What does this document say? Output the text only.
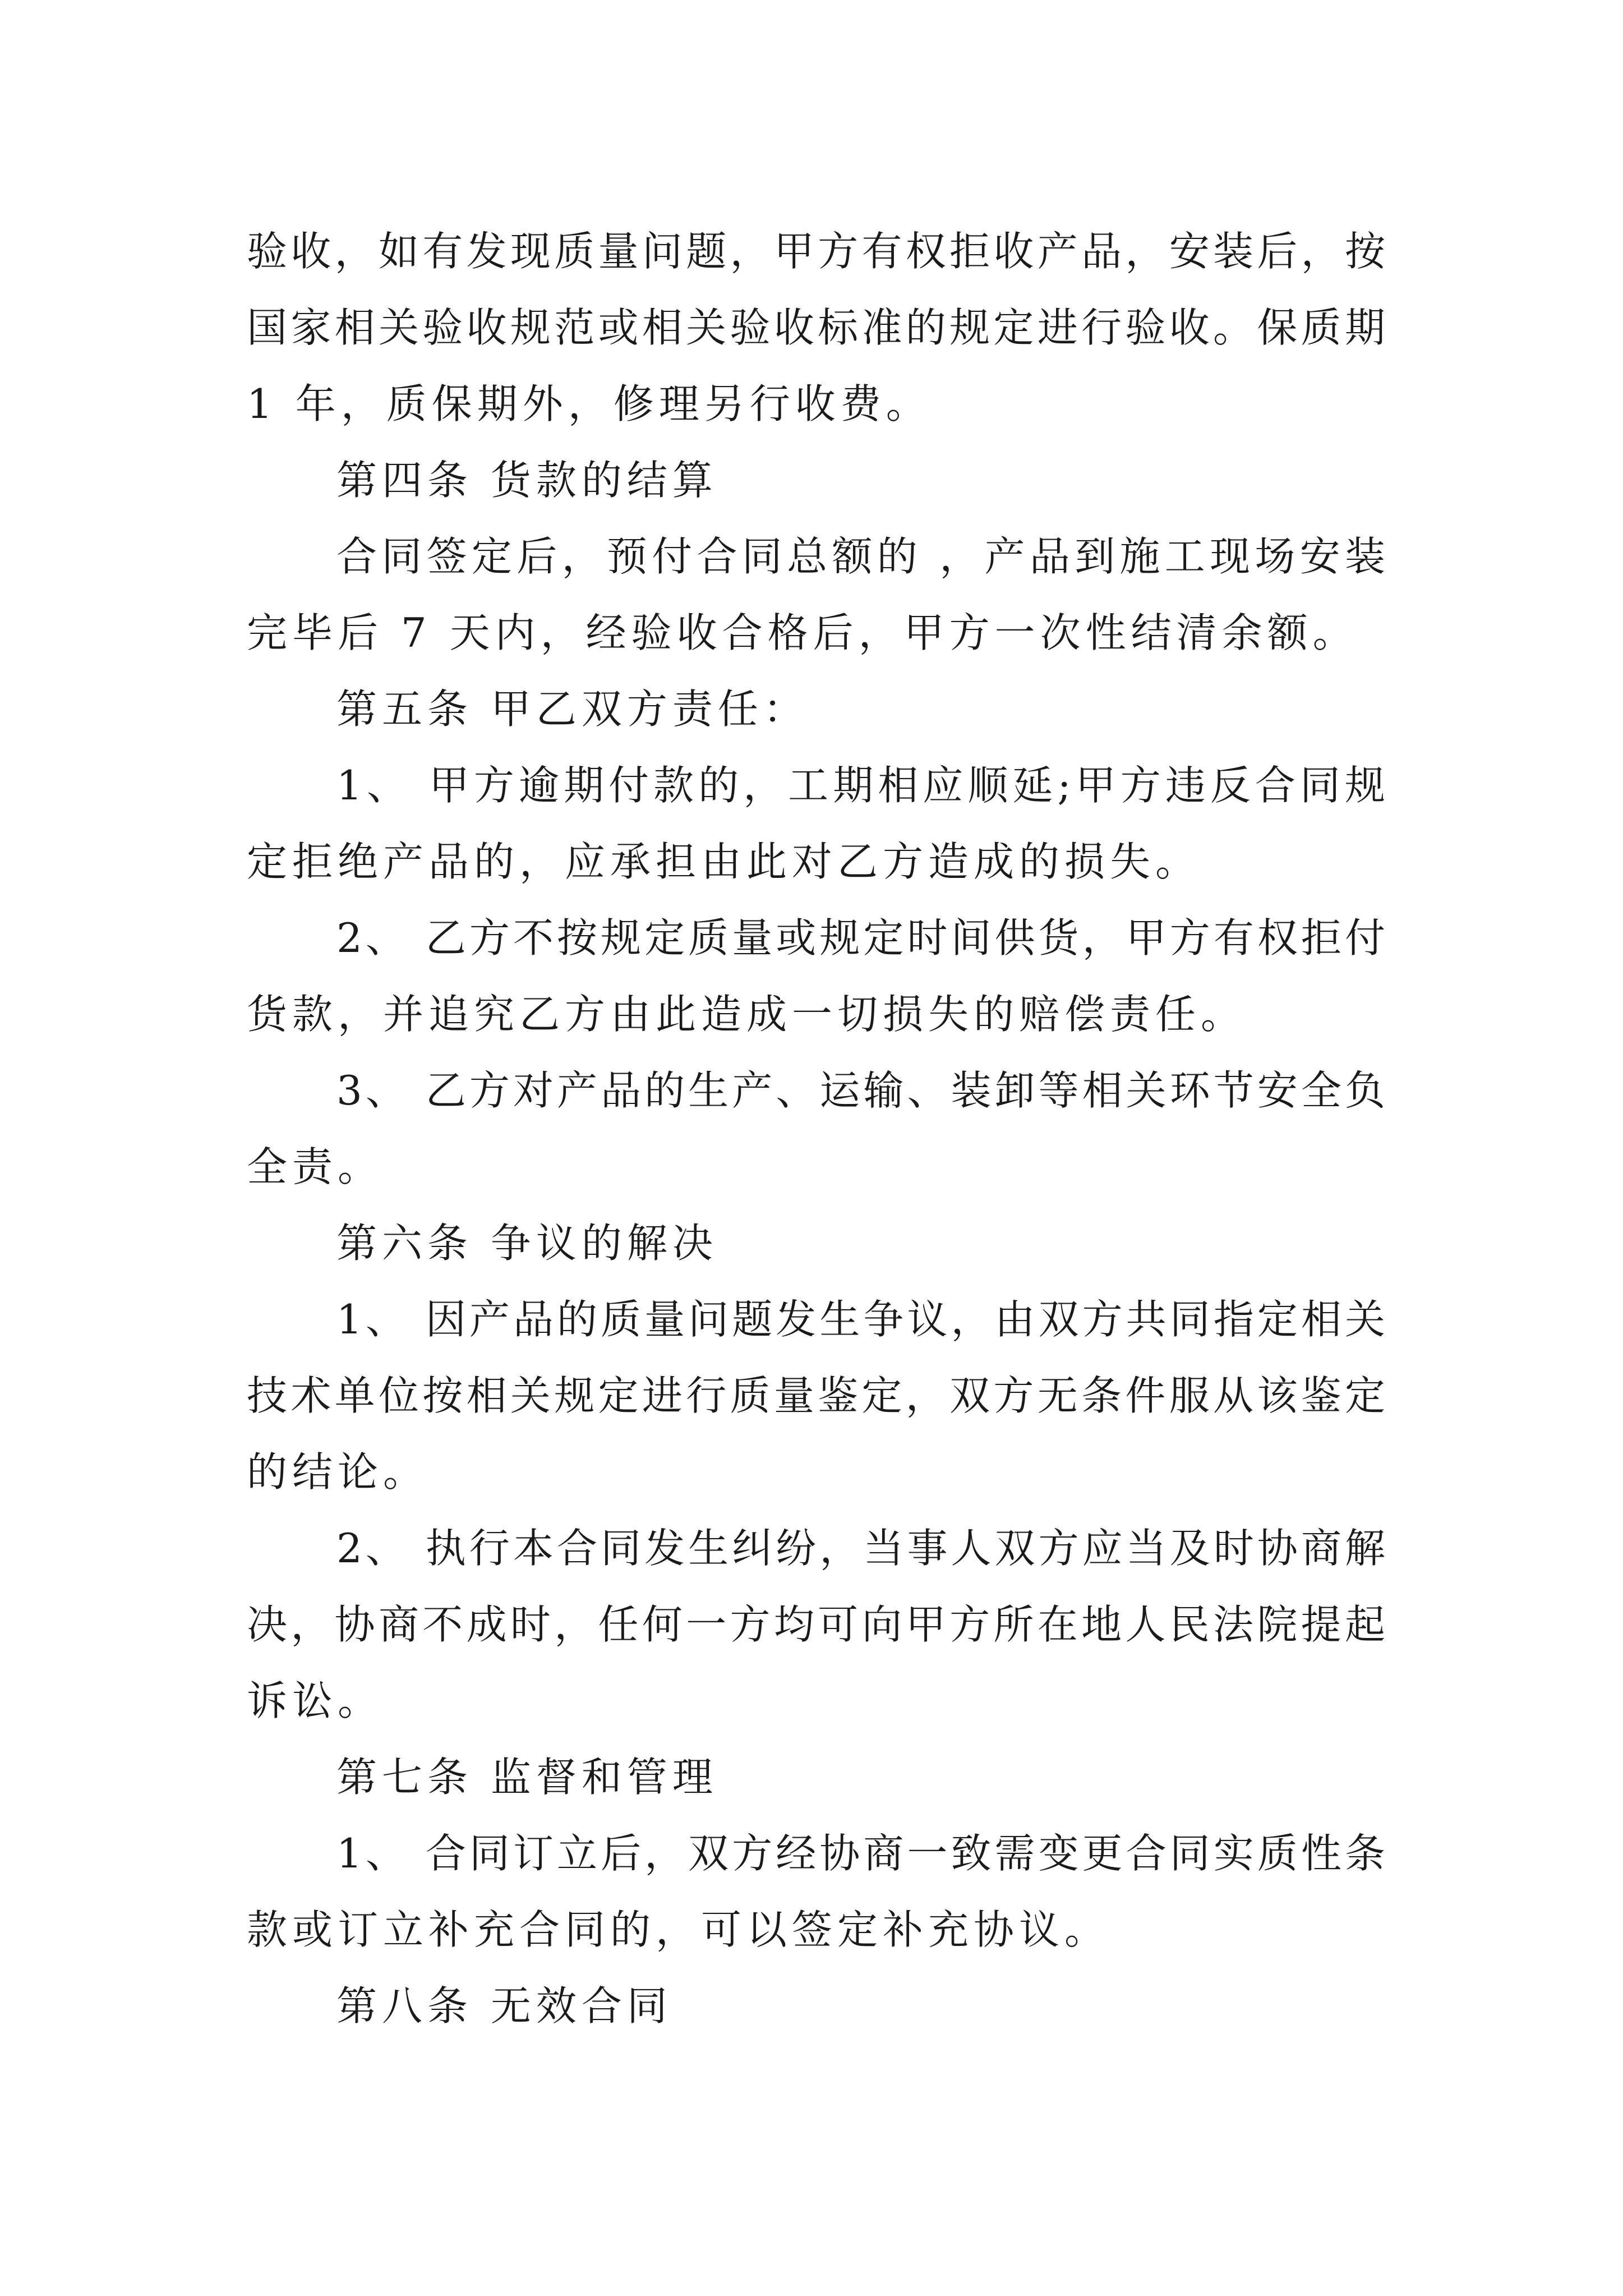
验收，如有发现质量问题，甲方有权拒收产品，安装后，按
国家相关验收规范或相关验收标准的规定进行验收。保质期
1 年，质保期外，修理另行收费。
第四条 货款的结算
合同签定后，预付合同总额的 ，产品到施工现场安装
完毕后 7 天内，经验收合格后，甲方一次性结清余额。
第五条 甲乙双方责任：
1、 甲方逾期付款的，工期相应顺延;甲方违反合同规
定拒绝产品的，应承担由此对乙方造成的损失。
2、 乙方不按规定质量或规定时间供货，甲方有权拒付
货款，并追究乙方由此造成一切损失的赔偿责任。
3、 乙方对产品的生产、运输、装卸等相关环节安全负
全责。
第六条 争议的解决
1、 因产品的质量问题发生争议，由双方共同指定相关
技术单位按相关规定进行质量鉴定，双方无条件服从该鉴定
的结论。
2、 执行本合同发生纠纷，当事人双方应当及时协商解
决，协商不成时，任何一方均可向甲方所在地人民法院提起
诉讼。
第七条 监督和管理
1、 合同订立后，双方经协商一致需变更合同实质性条
款或订立补充合同的，可以签定补充协议。
第八条 无效合同
